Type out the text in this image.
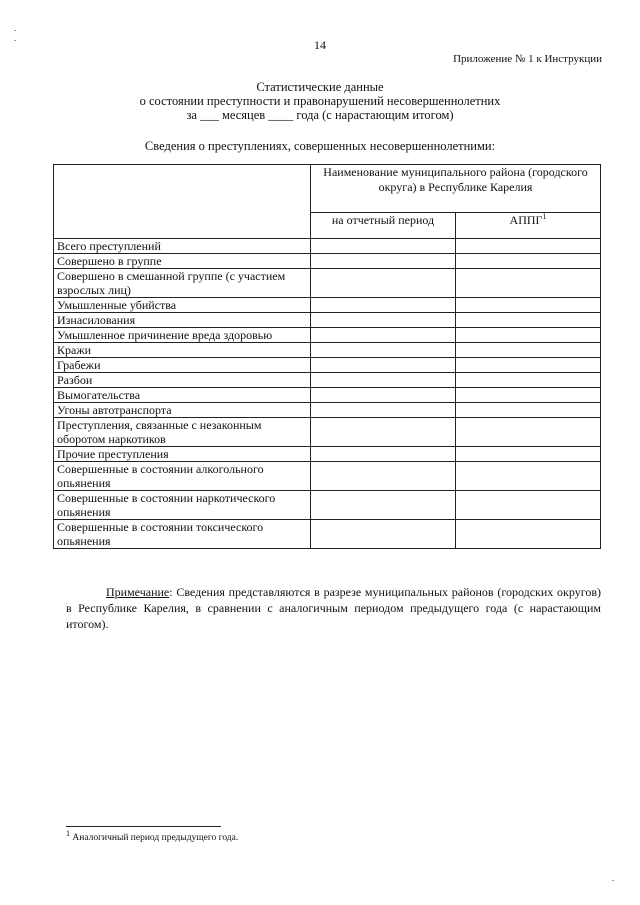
14
Приложение № 1 к Инструкции
Статистические данные
о состоянии преступности и правонарушений несовершеннолетних
за ___ месяцев ____ года (с нарастающим итогом)
Сведения о преступлениях, совершенных несовершеннолетними:
	Наименование муниципального района (городского округа) в Республике Карелия	
	на отчетный период	АППГ$^1$
Всего преступлений		
Совершено в группе		
Совершено в смешанной группе (с участием взрослых лиц)		
Умышленные убийства		
Изнасилования		
Умышленное причинение вреда здоровью		
Кражи		
Грабежи		
Разбои		
Вымогательства		
Угоны автотранспорта		
Преступления, связанные с незаконным оборотом наркотиков		
Прочие преступления		
Совершенные в состоянии алкогольного опьянения		
Совершенные в состоянии наркотического опьянения		
Совершенные в состоянии токсического опьянения		
Примечание: Сведения представляются в разрезе муниципальных районов (городских округов) в Республике Карелия, в сравнении с аналогичным периодом предыдущего года (с нарастающим итогом).
$^1$ Аналогичный период предыдущего года.
